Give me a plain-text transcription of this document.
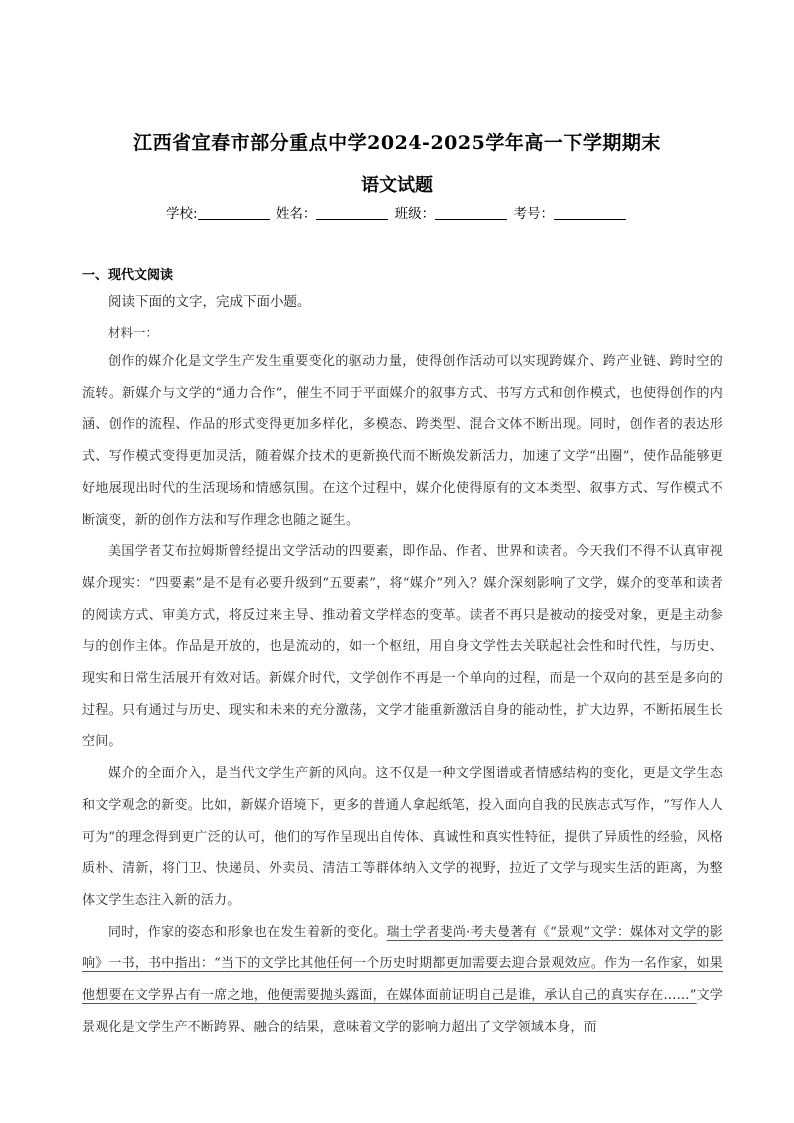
江西省宜春市部分重点中学2024-2025学年高一下学期期末
语文试题
学校:	姓名：	班级：	考号：
一、现代文阅读
阅读下面的文字，完成下面小题。
材料一：

创作的媒介化是文学生产发生重要变化的驱动力量，使得创作活动可以实现跨媒介、跨产业链、跨时空的流转。新媒介与文学的“通力合作”，催生不同于平面媒介的叙事方式、书写方式和创作模式，也使得创作的内涵、创作的流程、作品的形式变得更加多样化，多模态、跨类型、混合文体不断出现。同时，创作者的表达形式、写作模式变得更加灵活，随着媒介技术的更新换代而不断焕发新活力，加速了文学“出圈”，使作品能够更好地展现出时代的生活现场和情感氛围。在这个过程中，媒介化使得原有的文本类型、叙事方式、写作模式不断演变，新的创作方法和写作理念也随之诞生。

美国学者艾布拉姆斯曾经提出文学活动的四要素，即作品、作者、世界和读者。今天我们不得不认真审视媒介现实：“四要素”是不是有必要升级到“五要素”，将“媒介”列入？媒介深刻影响了文学，媒介的变革和读者的阅读方式、审美方式，将反过来主导、推动着文学样态的变革。读者不再只是被动的接受对象，更是主动参与的创作主体。作品是开放的，也是流动的，如一个枢纽，用自身文学性去关联起社会性和时代性，与历史、现实和日常生活展开有效对话。新媒介时代，文学创作不再是一个单向的过程，而是一个双向的甚至是多向的过程。只有通过与历史、现实和未来的充分激荡，文学才能重新激活自身的能动性，扩大边界，不断拓展生长空间。

媒介的全面介入，是当代文学生产新的风向。这不仅是一种文学图谱或者情感结构的变化，更是文学生态和文学观念的新变。比如，新媒介语境下，更多的普通人拿起纸笔，投入面向自我的民族志式写作，“写作人人可为”的理念得到更广泛的认可，他们的写作呈现出自传体、真诚性和真实性特征，提供了异质性的经验，风格质朴、清新，将门卫、快递员、外卖员、清洁工等群体纳入文学的视野，拉近了文学与现实生活的距离，为整体文学生态注入新的活力。

同时，作家的姿态和形象也在发生着新的变化。瑞士学者斐尚·考夫曼著有《“景观”文学：媒体对文学的影响》一书，书中指出：“当下的文学比其他任何一个历史时期都更加需要去迎合景观效应。作为一名作家，如果他想要在文学界占有一席之地，他便需要抛头露面，在媒体面前证明自己是谁，承认自己的真实存在……”文学景观化是文学生产不断跨界、融合的结果，意味着文学的影响力超出了文学领域本身，而
